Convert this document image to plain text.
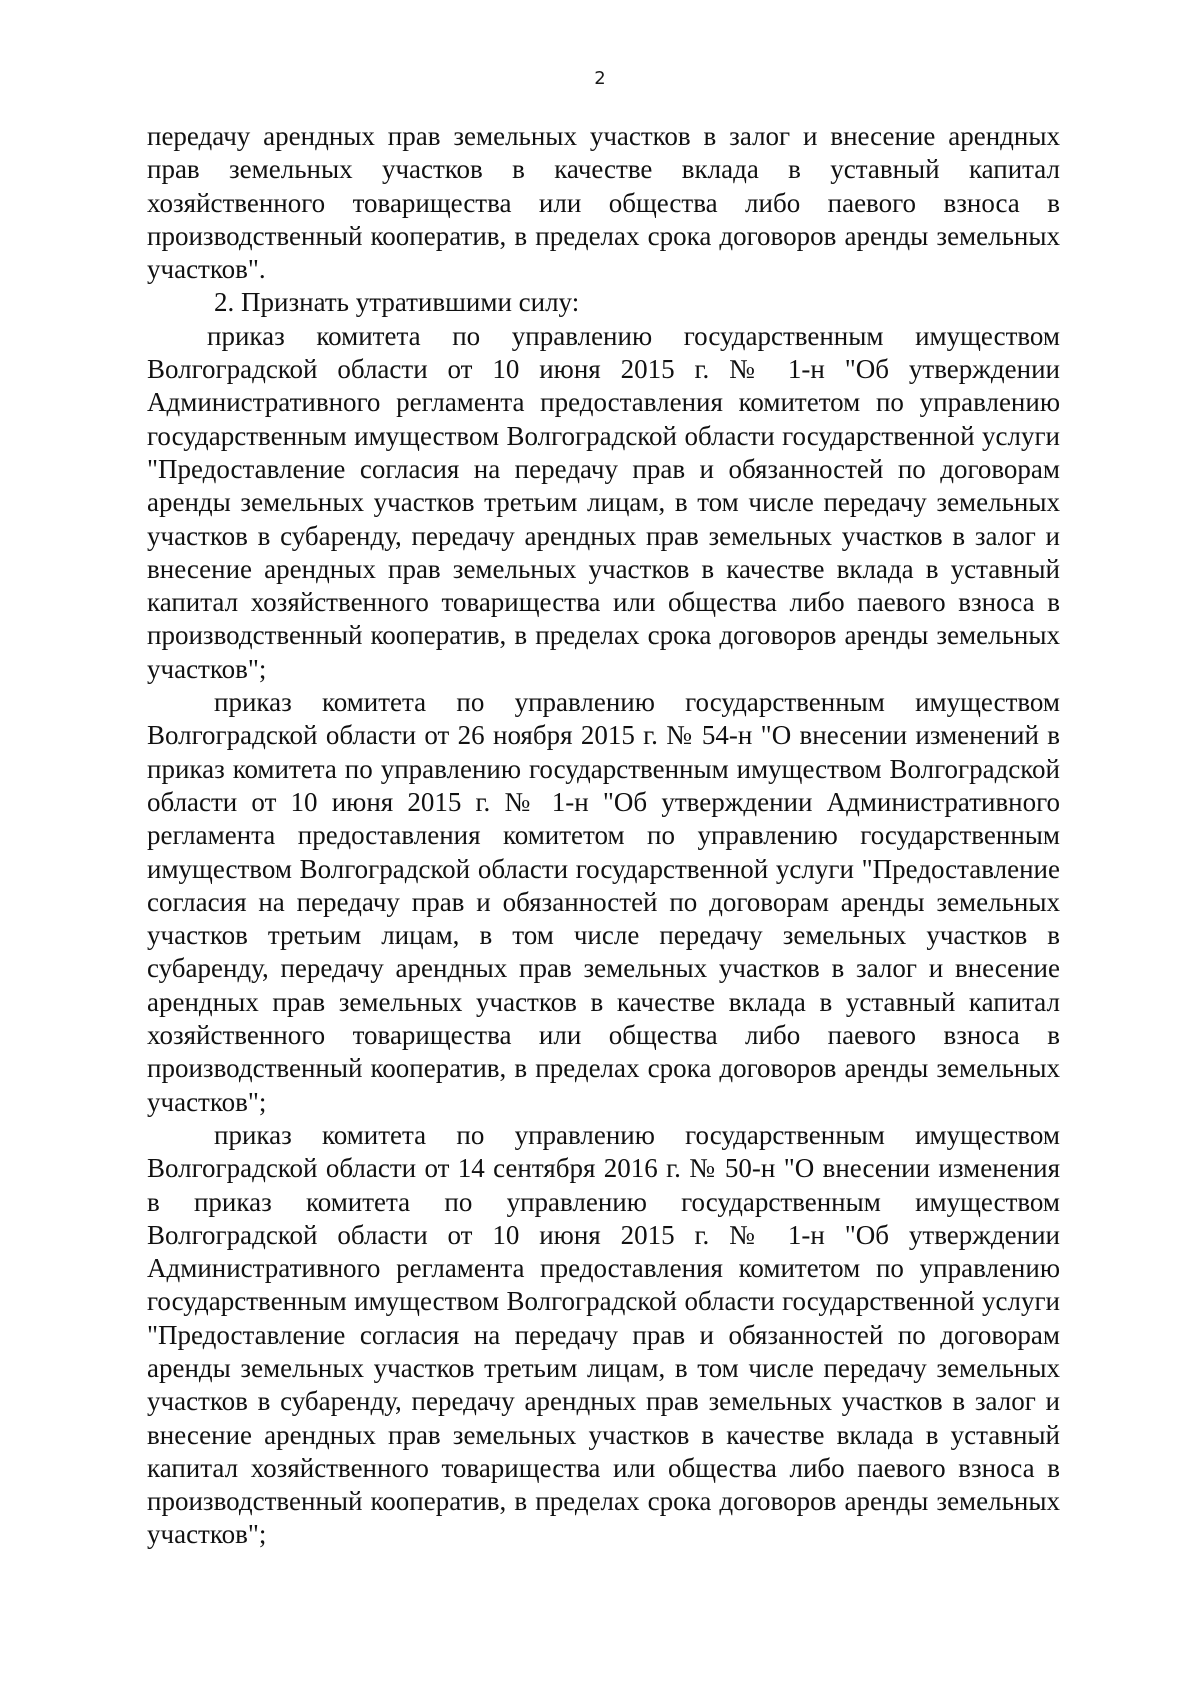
2

передачу арендных прав земельных участков в залог и внесение арендных прав земельных участков в качестве вклада в уставный капитал хозяйственного товарищества или общества либо паевого взноса в производственный кооператив, в пределах срока договоров аренды земельных участков".

2. Признать утратившими силу:

приказ комитета по управлению государственным имуществом Волгоградской области от 10 июня 2015 г. № 1-н "Об утверждении Административного регламента предоставления комитетом по управлению государственным имуществом Волгоградской области государственной услуги "Предоставление согласия на передачу прав и обязанностей по договорам аренды земельных участков третьим лицам, в том числе передачу земельных участков в субаренду, передачу арендных прав земельных участков в залог и внесение арендных прав земельных участков в качестве вклада в уставный капитал хозяйственного товарищества или общества либо паевого взноса в производственный кооператив, в пределах срока договоров аренды земельных участков";

приказ комитета по управлению государственным имуществом Волгоградской области от 26 ноября 2015 г. № 54-н "О внесении изменений в приказ комитета по управлению государственным имуществом Волгоградской области от 10 июня 2015 г. № 1-н "Об утверждении Административного регламента предоставления комитетом по управлению государственным имуществом Волгоградской области государственной услуги "Предоставление согласия на передачу прав и обязанностей по договорам аренды земельных участков третьим лицам, в том числе передачу земельных участков в субаренду, передачу арендных прав земельных участков в залог и внесение арендных прав земельных участков в качестве вклада в уставный капитал хозяйственного товарищества или общества либо паевого взноса в производственный кооператив, в пределах срока договоров аренды земельных участков";

приказ комитета по управлению государственным имуществом Волгоградской области от 14 сентября 2016 г. № 50-н "О внесении изменения в приказ комитета по управлению государственным имуществом Волгоградской области от 10 июня 2015 г. № 1-н "Об утверждении Административного регламента предоставления комитетом по управлению государственным имуществом Волгоградской области государственной услуги "Предоставление согласия на передачу прав и обязанностей по договорам аренды земельных участков третьим лицам, в том числе передачу земельных участков в субаренду, передачу арендных прав земельных участков в залог и внесение арендных прав земельных участков в качестве вклада в уставный капитал хозяйственного товарищества или общества либо паевого взноса в производственный кооператив, в пределах срока договоров аренды земельных участков";
